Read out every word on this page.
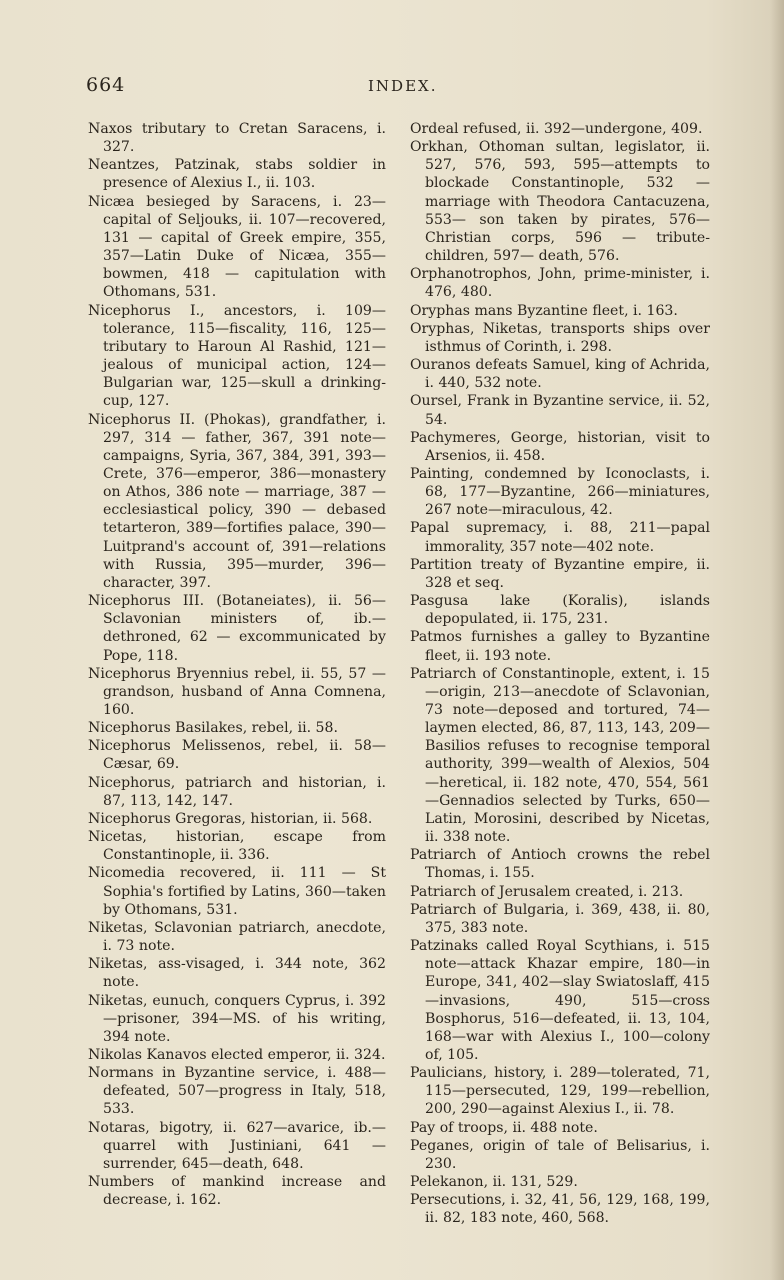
664	INDEX.

Naxos tributary to Cretan Saracens, i. 327.

Neantzes, Patzinak, stabs soldier in presence of Alexius I., ii. 103.

Nicæa besieged by Saracens, i. 23—capital of Seljouks, ii. 107—recovered, 131 — capital of Greek empire, 355, 357—Latin Duke of Nicæa, 355—bowmen, 418 — capitulation with Othomans, 531.

Nicephorus I., ancestors, i. 109—tolerance, 115—fiscality, 116, 125—tributary to Haroun Al Rashid, 121—jealous of municipal action, 124—Bulgarian war, 125—skull a drinking-cup, 127.

Nicephorus II. (Phokas), grandfather, i. 297, 314 — father, 367, 391 note— campaigns, Syria, 367, 384, 391, 393— Crete, 376—emperor, 386—monastery on Athos, 386 note — marriage, 387 —ecclesiastical policy, 390 — debased tetarteron, 389—fortifies palace, 390— Luitprand's account of, 391—relations with Russia, 395—murder, 396—character, 397.

Nicephorus III. (Botaneiates), ii. 56— Sclavonian ministers of, ib.—dethroned, 62 — excommunicated by Pope, 118.

Nicephorus Bryennius rebel, ii. 55, 57 —grandson, husband of Anna Comnena, 160.

Nicephorus Basilakes, rebel, ii. 58.

Nicephorus Melissenos, rebel, ii. 58— Cæsar, 69.

Nicephorus, patriarch and historian, i. 87, 113, 142, 147.

Nicephorus Gregoras, historian, ii. 568.

Nicetas, historian, escape from Constantinople, ii. 336.

Nicomedia recovered, ii. 111 — St Sophia's fortified by Latins, 360—taken by Othomans, 531.

Niketas, Sclavonian patriarch, anecdote, i. 73 note.

Niketas, ass-visaged, i. 344 note, 362 note.

Niketas, eunuch, conquers Cyprus, i. 392—prisoner, 394—MS. of his writing, 394 note.

Nikolas Kanavos elected emperor, ii. 324.

Normans in Byzantine service, i. 488— defeated, 507—progress in Italy, 518, 533.

Notaras, bigotry, ii. 627—avarice, ib.— quarrel with Justiniani, 641 — surrender, 645—death, 648.

Numbers of mankind increase and decrease, i. 162.

Ordeal refused, ii. 392—undergone, 409.

Orkhan, Othoman sultan, legislator, ii. 527, 576, 593, 595—attempts to blockade Constantinople, 532 — marriage with Theodora Cantacuzena, 553— son taken by pirates, 576—Christian corps, 596 — tribute-children, 597— death, 576.

Orphanotrophos, John, prime-minister, i. 476, 480.

Oryphas mans Byzantine fleet, i. 163.

Oryphas, Niketas, transports ships over isthmus of Corinth, i. 298.

Ouranos defeats Samuel, king of Achrida, i. 440, 532 note.

Oursel, Frank in Byzantine service, ii. 52, 54.

Pachymeres, George, historian, visit to Arsenios, ii. 458.

Painting, condemned by Iconoclasts, i. 68, 177—Byzantine, 266—miniatures, 267 note—miraculous, 42.

Papal supremacy, i. 88, 211—papal immorality, 357 note—402 note.

Partition treaty of Byzantine empire, ii. 328 et seq.

Pasgusa lake (Koralis), islands depopulated, ii. 175, 231.

Patmos furnishes a galley to Byzantine fleet, ii. 193 note.

Patriarch of Constantinople, extent, i. 15 —origin, 213—anecdote of Sclavonian, 73 note—deposed and tortured, 74— laymen elected, 86, 87, 113, 143, 209— Basilios refuses to recognise temporal authority, 399—wealth of Alexios, 504 —heretical, ii. 182 note, 470, 554, 561 —Gennadios selected by Turks, 650— Latin, Morosini, described by Nicetas, ii. 338 note.

Patriarch of Antioch crowns the rebel Thomas, i. 155.

Patriarch of Jerusalem created, i. 213.

Patriarch of Bulgaria, i. 369, 438, ii. 80, 375, 383 note.

Patzinaks called Royal Scythians, i. 515 note—attack Khazar empire, 180—in Europe, 341, 402—slay Swiatoslaff, 415 —invasions, 490, 515—cross Bosphorus, 516—defeated, ii. 13, 104, 168—war with Alexius I., 100—colony of, 105.

Paulicians, history, i. 289—tolerated, 71, 115—persecuted, 129, 199—rebellion, 200, 290—against Alexius I., ii. 78.

Pay of troops, ii. 488 note.

Peganes, origin of tale of Belisarius, i. 230.

Pelekanon, ii. 131, 529.

Persecutions, i. 32, 41, 56, 129, 168, 199, ii. 82, 183 note, 460, 568.
